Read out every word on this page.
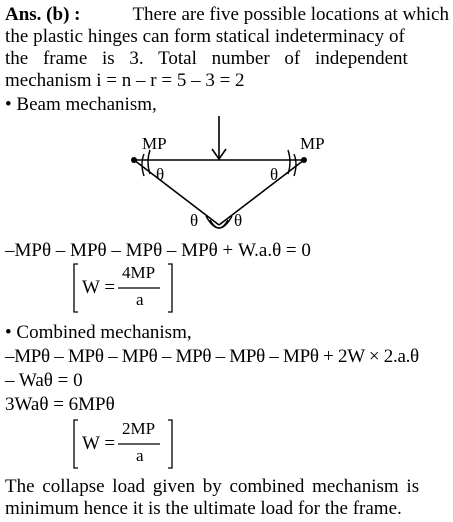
Ans. (b) :	There are five possible locations at which
the plastic hinges can form statical indeterminacy of
the frame is 3. Total number of independent
mechanism i = n – r = 5 – 3 = 2
• Beam mechanism,
MP	MP
θ	θ
θ θ
–MPθ – MPθ – MPθ – MPθ + W.a.θ = 0
W =
4MP
a
• Combined mechanism,
–MPθ – MPθ – MPθ – MPθ – MPθ – MPθ + 2W × 2.a.θ
– Waθ = 0
3Waθ = 6MPθ
W =
2MP
a
The collapse load given by combined mechanism is
minimum hence it is the ultimate load for the frame.
